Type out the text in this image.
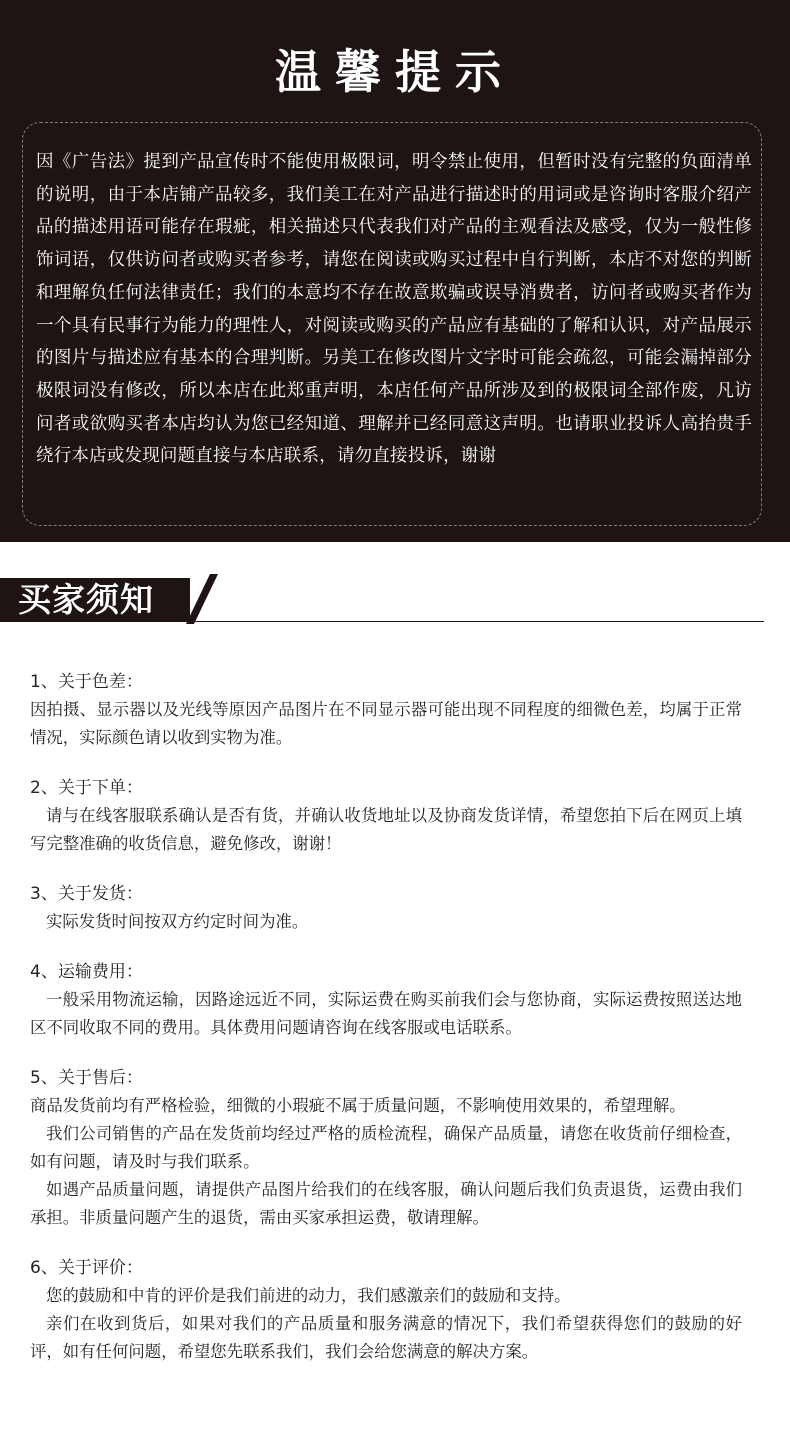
温馨提示
因《广告法》提到产品宣传时不能使用极限词，明令禁止使用，但暂时没有完整的负面清单的说明，由于本店铺产品较多，我们美工在对产品进行描述时的用词或是咨询时客服介绍产品的描述用语可能存在瑕疵，相关描述只代表我们对产品的主观看法及感受，仅为一般性修饰词语，仅供访问者或购买者参考，请您在阅读或购买过程中自行判断，本店不对您的判断和理解负任何法律责任；我们的本意均不存在故意欺骗或误导消费者，访问者或购买者作为一个具有民事行为能力的理性人，对阅读或购买的产品应有基础的了解和认识，对产品展示的图片与描述应有基本的合理判断。另美工在修改图片文字时可能会疏忽，可能会漏掉部分极限词没有修改，所以本店在此郑重声明，本店任何产品所涉及到的极限词全部作废，凡访问者或欲购买者本店均认为您已经知道、理解并已经同意这声明。也请职业投诉人高抬贵手绕行本店或发现问题直接与本店联系，请勿直接投诉，谢谢
买家须知
1、关于色差：
因拍摄、显示器以及光线等原因产品图片在不同显示器可能出现不同程度的细微色差，均属于正常情况，实际颜色请以收到实物为准。
2、关于下单：
请与在线客服联系确认是否有货，并确认收货地址以及协商发货详情，希望您拍下后在网页上填写完整准确的收货信息，避免修改，谢谢！
3、关于发货：
实际发货时间按双方约定时间为准。
4、运输费用：
一般采用物流运输，因路途远近不同，实际运费在购买前我们会与您协商，实际运费按照送达地区不同收取不同的费用。具体费用问题请咨询在线客服或电话联系。
5、关于售后：
商品发货前均有严格检验，细微的小瑕疵不属于质量问题，不影响使用效果的，希望理解。
我们公司销售的产品在发货前均经过严格的质检流程，确保产品质量，请您在收货前仔细检查，如有问题，请及时与我们联系。
如遇产品质量问题，请提供产品图片给我们的在线客服，确认问题后我们负责退货，运费由我们承担。非质量问题产生的退货，需由买家承担运费，敬请理解。
6、关于评价：
您的鼓励和中肯的评价是我们前进的动力，我们感激亲们的鼓励和支持。
亲们在收到货后，如果对我们的产品质量和服务满意的情况下，我们希望获得您们的鼓励的好评，如有任何问题，希望您先联系我们，我们会给您满意的解决方案。
